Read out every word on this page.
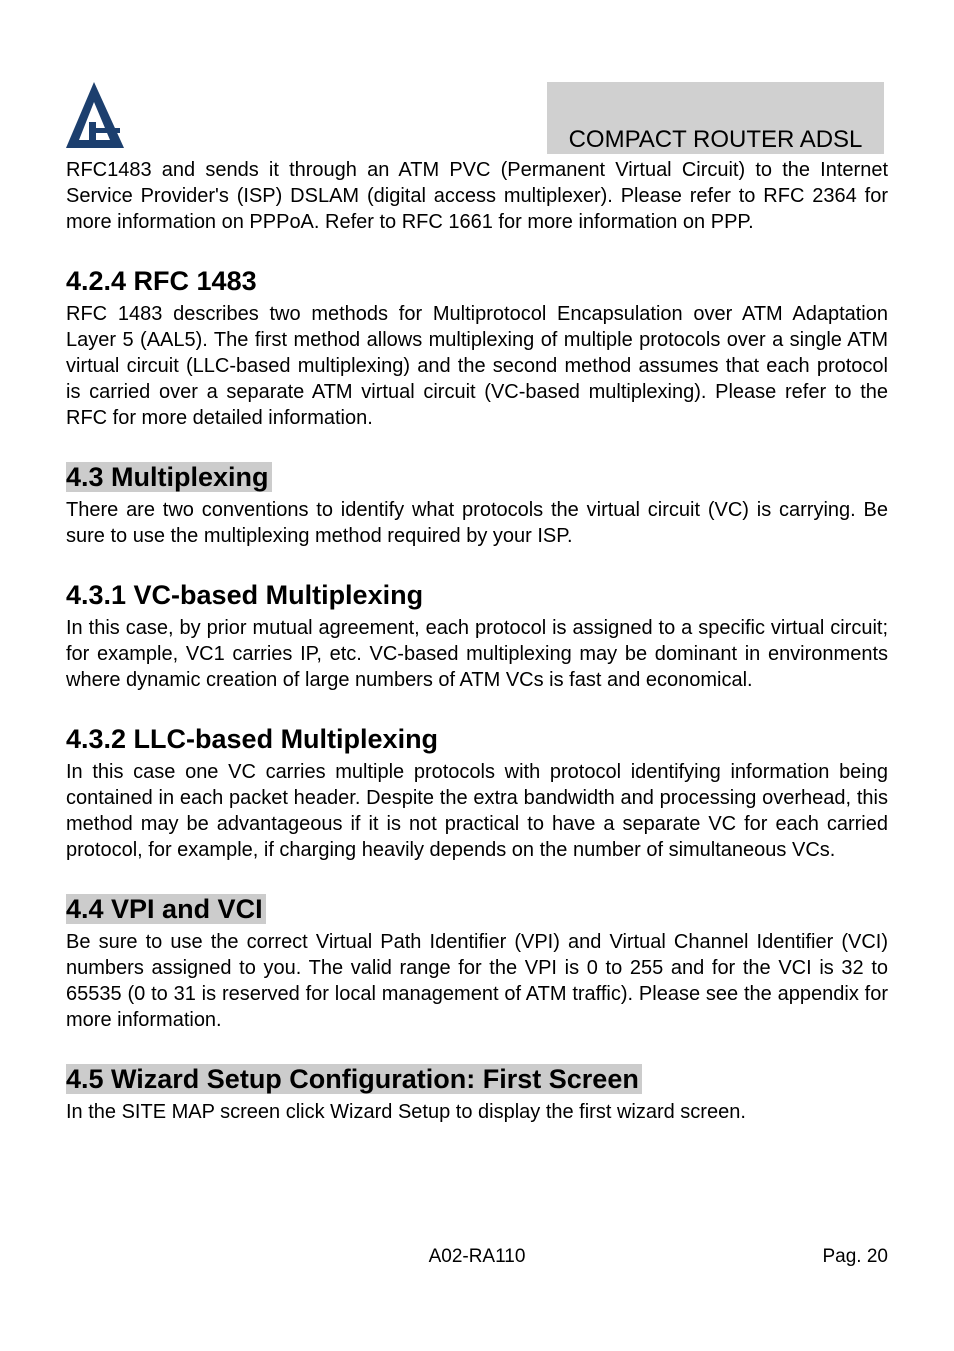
COMPACT ROUTER ADSL

RFC1483 and sends it through an ATM PVC (Permanent Virtual Circuit) to the Internet Service Provider's (ISP) DSLAM (digital access multiplexer). Please refer to RFC 2364 for more information on PPPoA. Refer to RFC 1661 for more information on PPP.

4.2.4 RFC 1483

RFC 1483 describes two methods for Multiprotocol Encapsulation over ATM Adaptation Layer 5 (AAL5). The first method allows multiplexing of multiple protocols over a single ATM virtual circuit (LLC-based multiplexing) and the second method assumes that each protocol is carried over a separate ATM virtual circuit (VC-based multiplexing). Please refer to the RFC for more detailed information.

4.3 Multiplexing

There are two conventions to identify what protocols the virtual circuit (VC) is carrying. Be sure to use the multiplexing method required by your ISP.

4.3.1 VC-based Multiplexing

In this case, by prior mutual agreement, each protocol is assigned to a specific virtual circuit; for example, VC1 carries IP, etc. VC-based multiplexing may be dominant in environments where dynamic creation of large numbers of ATM VCs is fast and economical.

4.3.2 LLC-based Multiplexing

In this case one VC carries multiple protocols with protocol identifying information being contained in each packet header. Despite the extra bandwidth and processing overhead, this method may be advantageous if it is not practical to have a separate VC for each carried protocol, for example, if charging heavily depends on the number of simultaneous VCs.

4.4 VPI and VCI

Be sure to use the correct Virtual Path Identifier (VPI) and Virtual Channel Identifier (VCI) numbers assigned to you. The valid range for the VPI is 0 to 255 and for the VCI is 32 to 65535 (0 to 31 is reserved for local management of ATM traffic). Please see the appendix for more information.

4.5 Wizard Setup Configuration: First Screen

In the SITE MAP screen click Wizard Setup to display the first wizard screen.

A02-RA110	Pag. 20
